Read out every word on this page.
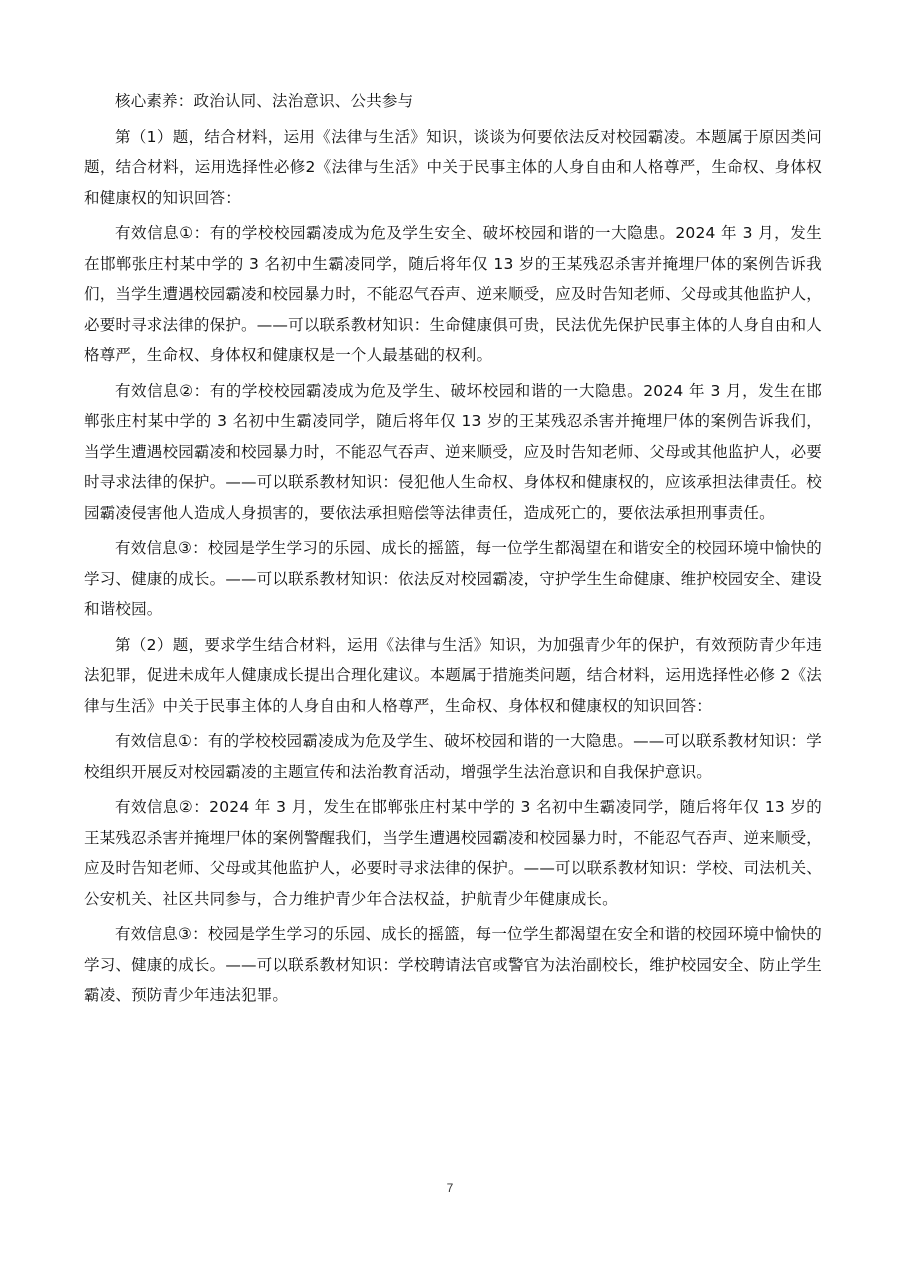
核心素养：政治认同、法治意识、公共参与

第（1）题，结合材料，运用《法律与生活》知识，谈谈为何要依法反对校园霸凌。本题属于原因类问题，结合材料，运用选择性必修2《法律与生活》中关于民事主体的人身自由和人格尊严，生命权、身体权和健康权的知识回答：

有效信息①：有的学校校园霸凌成为危及学生安全、破坏校园和谐的一大隐患。2024 年 3 月，发生在邯郸张庄村某中学的 3 名初中生霸凌同学，随后将年仅 13 岁的王某残忍杀害并掩埋尸体的案例告诉我们，当学生遭遇校园霸凌和校园暴力时，不能忍气吞声、逆来顺受，应及时告知老师、父母或其他监护人，必要时寻求法律的保护。——可以联系教材知识：生命健康俱可贵，民法优先保护民事主体的人身自由和人格尊严，生命权、身体权和健康权是一个人最基础的权利。

有效信息②：有的学校校园霸凌成为危及学生、破坏校园和谐的一大隐患。2024 年 3 月，发生在邯郸张庄村某中学的 3 名初中生霸凌同学，随后将年仅 13 岁的王某残忍杀害并掩埋尸体的案例告诉我们，当学生遭遇校园霸凌和校园暴力时，不能忍气吞声、逆来顺受，应及时告知老师、父母或其他监护人，必要时寻求法律的保护。——可以联系教材知识：侵犯他人生命权、身体权和健康权的，应该承担法律责任。校园霸凌侵害他人造成人身损害的，要依法承担赔偿等法律责任，造成死亡的，要依法承担刑事责任。

有效信息③：校园是学生学习的乐园、成长的摇篮，每一位学生都渴望在和谐安全的校园环境中愉快的学习、健康的成长。——可以联系教材知识：依法反对校园霸凌，守护学生生命健康、维护校园安全、建设和谐校园。

第（2）题，要求学生结合材料，运用《法律与生活》知识，为加强青少年的保护，有效预防青少年违法犯罪，促进未成年人健康成长提出合理化建议。本题属于措施类问题，结合材料，运用选择性必修 2《法律与生活》中关于民事主体的人身自由和人格尊严，生命权、身体权和健康权的知识回答：

有效信息①：有的学校校园霸凌成为危及学生、破坏校园和谐的一大隐患。——可以联系教材知识：学校组织开展反对校园霸凌的主题宣传和法治教育活动，增强学生法治意识和自我保护意识。

有效信息②：2024 年 3 月，发生在邯郸张庄村某中学的 3 名初中生霸凌同学，随后将年仅 13 岁的王某残忍杀害并掩埋尸体的案例警醒我们，当学生遭遇校园霸凌和校园暴力时，不能忍气吞声、逆来顺受，应及时告知老师、父母或其他监护人，必要时寻求法律的保护。——可以联系教材知识：学校、司法机关、公安机关、社区共同参与，合力维护青少年合法权益，护航青少年健康成长。

有效信息③：校园是学生学习的乐园、成长的摇篮，每一位学生都渴望在安全和谐的校园环境中愉快的学习、健康的成长。——可以联系教材知识：学校聘请法官或警官为法治副校长，维护校园安全、防止学生霸凌、预防青少年违法犯罪。

7
